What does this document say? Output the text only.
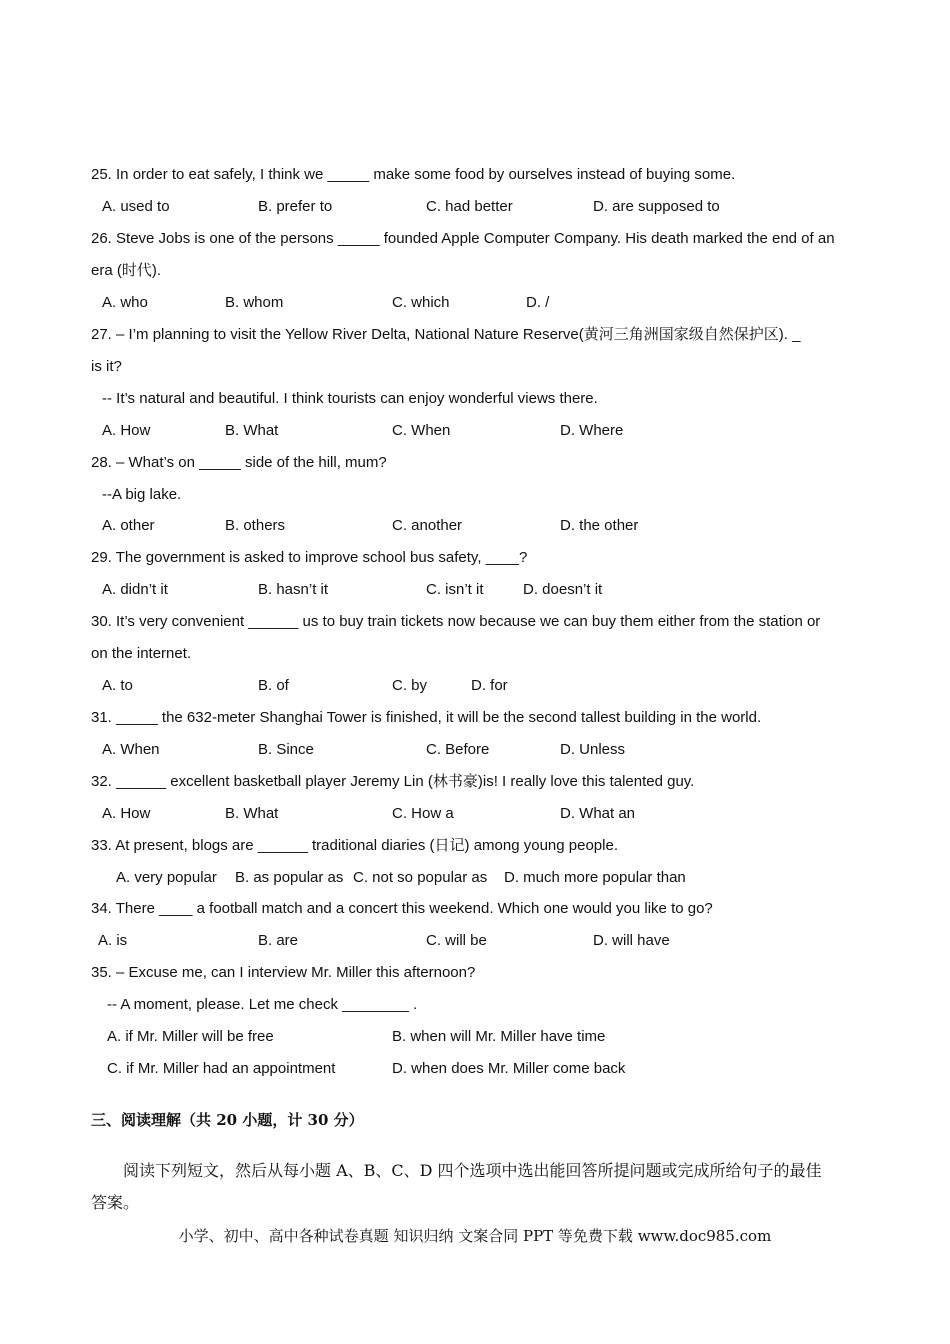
25. In order to eat safely, I think we _____ make some food by ourselves instead of buying some.
A. used to	B. prefer to	C. had better	D. are supposed to
26. Steve Jobs is one of the persons _____ founded Apple Computer Company. His death marked the end of an
era (时代).
A. who	B. whom	C. which	D. /
27. – I’m planning to visit the Yellow River Delta, National Nature Reserve(黄河三角洲国家级自然保护区). _
is it?
-- It’s natural and beautiful. I think tourists can enjoy wonderful views there.
A. How	B. What	C. When	D. Where
28. – What’s on _____ side of the hill, mum?
--A big lake.
A. other	B. others	C. another	D. the other
29. The government is asked to improve school bus safety, ____?
A. didn’t it	B. hasn’t it	C. isn’t it	D. doesn’t it
30. It’s very convenient ______ us to buy train tickets now because we can buy them either from the station or
on the internet.
A. to	B. of	C. by	D. for
31. _____ the 632-meter Shanghai Tower is finished, it will be the second tallest building in the world.
A. When	B. Since	C. Before	D. Unless
32. ______ excellent basketball player Jeremy Lin (林书豪)is! I really love this talented guy.
A. How	B. What	C. How a	D. What an
33. At present, blogs are ______ traditional diaries (日记) among young people.
A. very popular B. as popular as C. not so popular as D. much more popular than
34. There ____ a football match and a concert this weekend. Which one would you like to go?
A. is	B. are	C. will be	D. will have
35. – Excuse me, can I interview Mr. Miller this afternoon?
-- A moment, please. Let me check ________ .
A. if Mr. Miller will be free	B. when will Mr. Miller have time
C. if Mr. Miller had an appointment	D. when does Mr. Miller come back
三、阅读理解（共 20 小题，计 30 分）
阅读下列短文，然后从每小题 A、B、C、D 四个选项中选出能回答所提问题或完成所给句子的最佳
答案。
小学、初中、高中各种试卷真题 知识归纳 文案合同 PPT 等免费下载 www.doc985.com
